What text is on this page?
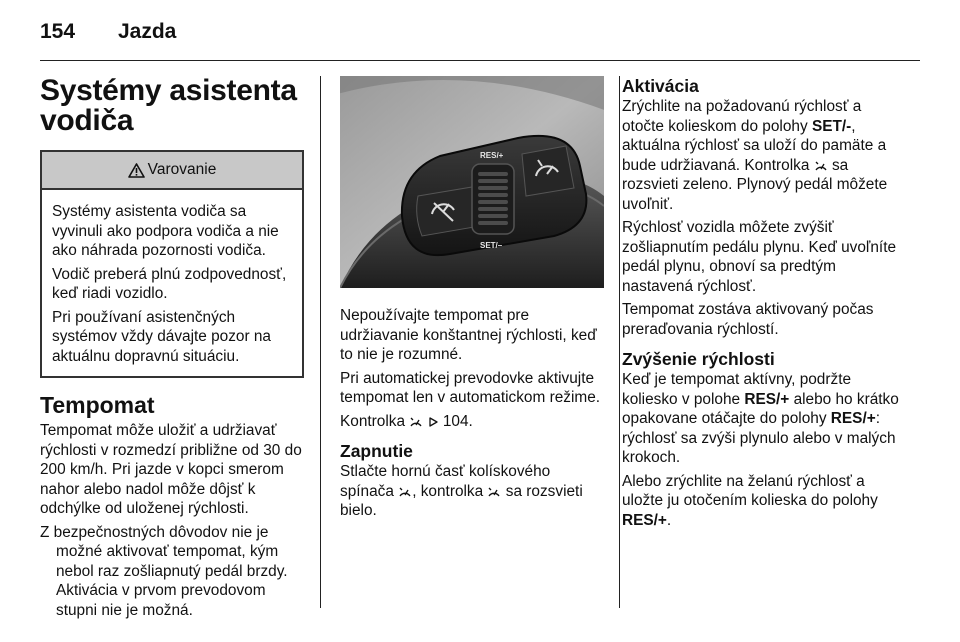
154 Jazda
Systémy asistenta
vodiča
Varovanie

Systémy asistenta vodiča sa vyvinuli ako podpora vodiča a nie ako náhrada pozornosti vodiča.

Vodič preberá plnú zodpovednosť, keď riadi vozidlo.

Pri používaní asistenčných systémov vždy dávajte pozor na aktuálnu dopravnú situáciu.

Tempomat

Tempomat môže uložiť a udržiavať rýchlosti v rozmedzí približne od 30 do 200 km/h. Pri jazde v kopci smerom nahor alebo nadol môže dôjsť k odchýlke od uloženej rýchlosti.

Z bezpečnostných dôvodov nie je možné aktivovať tempomat, kým nebol raz zošliapnutý pedál brzdy. Aktivácia v prvom prevodovom stupni nie je možná.

RES/+
SET/–

Nepoužívajte tempomat pre udržiavanie konštantnej rýchlosti, keď to nie je rozumné.

Pri automatickej prevodovke aktivujte tempomat len v automatickom režime.

Kontrolka 104.

Zapnutie

Stlačte hornú časť kolískového spínača , kontrolka sa rozsvieti bielo.

Aktivácia

Zrýchlite na požadovanú rýchlosť a otočte kolieskom do polohy SET/-, aktuálna rýchlosť sa uloží do pamäte a bude udržiavaná. Kontrolka sa rozsvieti zeleno. Plynový pedál môžete uvoľniť.

Rýchlosť vozidla môžete zvýšiť zošliapnutím pedálu plynu. Keď uvoľníte pedál plynu, obnoví sa predtým nastavená rýchlosť.

Tempomat zostáva aktivovaný počas preraďovania rýchlostí.

Zvýšenie rýchlosti

Keď je tempomat aktívny, podržte koliesko v polohe RES/+ alebo ho krátko opakovane otáčajte do polohy RES/+: rýchlosť sa zvýši plynulo alebo v malých krokoch.

Alebo zrýchlite na želanú rýchlosť a uložte ju otočením kolieska do polohy RES/+.
